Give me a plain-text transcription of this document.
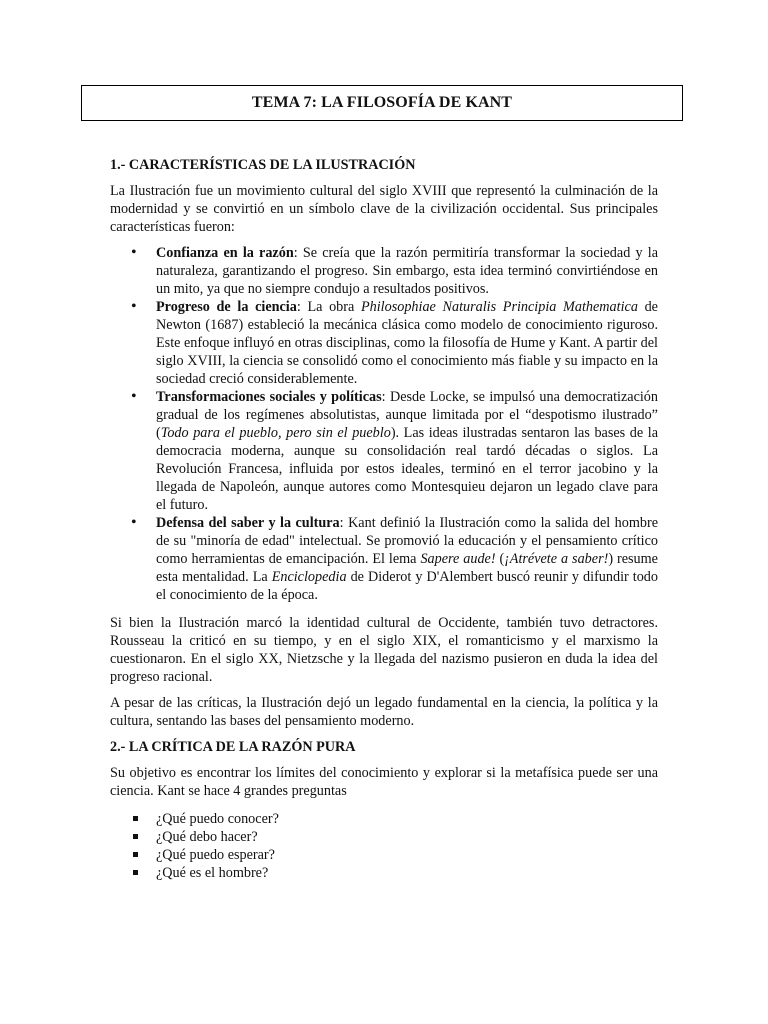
TEMA 7: LA FILOSOFÍA DE KANT
1.- CARACTERÍSTICAS DE LA ILUSTRACIÓN

La Ilustración fue un movimiento cultural del siglo XVIII que representó la culminación de la modernidad y se convirtió en un símbolo clave de la civilización occidental. Sus principales características fueron:

• Confianza en la razón: Se creía que la razón permitiría transformar la sociedad y la naturaleza, garantizando el progreso. Sin embargo, esta idea terminó convirtiéndose en un mito, ya que no siempre condujo a resultados positivos.
• Progreso de la ciencia: La obra Philosophiae Naturalis Principia Mathematica de Newton (1687) estableció la mecánica clásica como modelo de conocimiento riguroso. Este enfoque influyó en otras disciplinas, como la filosofía de Hume y Kant. A partir del siglo XVIII, la ciencia se consolidó como el conocimiento más fiable y su impacto en la sociedad creció considerablemente.
• Transformaciones sociales y políticas: Desde Locke, se impulsó una democratización gradual de los regímenes absolutistas, aunque limitada por el “despotismo ilustrado” (Todo para el pueblo, pero sin el pueblo). Las ideas ilustradas sentaron las bases de la democracia moderna, aunque su consolidación real tardó décadas o siglos. La Revolución Francesa, influida por estos ideales, terminó en el terror jacobino y la llegada de Napoleón, aunque autores como Montesquieu dejaron un legado clave para el futuro.
• Defensa del saber y la cultura: Kant definió la Ilustración como la salida del hombre de su "minoría de edad" intelectual. Se promovió la educación y el pensamiento crítico como herramientas de emancipación. El lema Sapere aude! (¡Atrévete a saber!) resume esta mentalidad. La Enciclopedia de Diderot y D'Alembert buscó reunir y difundir todo el conocimiento de la época.

Si bien la Ilustración marcó la identidad cultural de Occidente, también tuvo detractores. Rousseau la criticó en su tiempo, y en el siglo XIX, el romanticismo y el marxismo la cuestionaron. En el siglo XX, Nietzsche y la llegada del nazismo pusieron en duda la idea del progreso racional.

A pesar de las críticas, la Ilustración dejó un legado fundamental en la ciencia, la política y la cultura, sentando las bases del pensamiento moderno.

2.- LA CRÍTICA DE LA RAZÓN PURA

Su objetivo es encontrar los límites del conocimiento y explorar si la metafísica puede ser una ciencia. Kant se hace 4 grandes preguntas

¿Qué puedo conocer?
¿Qué debo hacer?
¿Qué puedo esperar?
¿Qué es el hombre?
